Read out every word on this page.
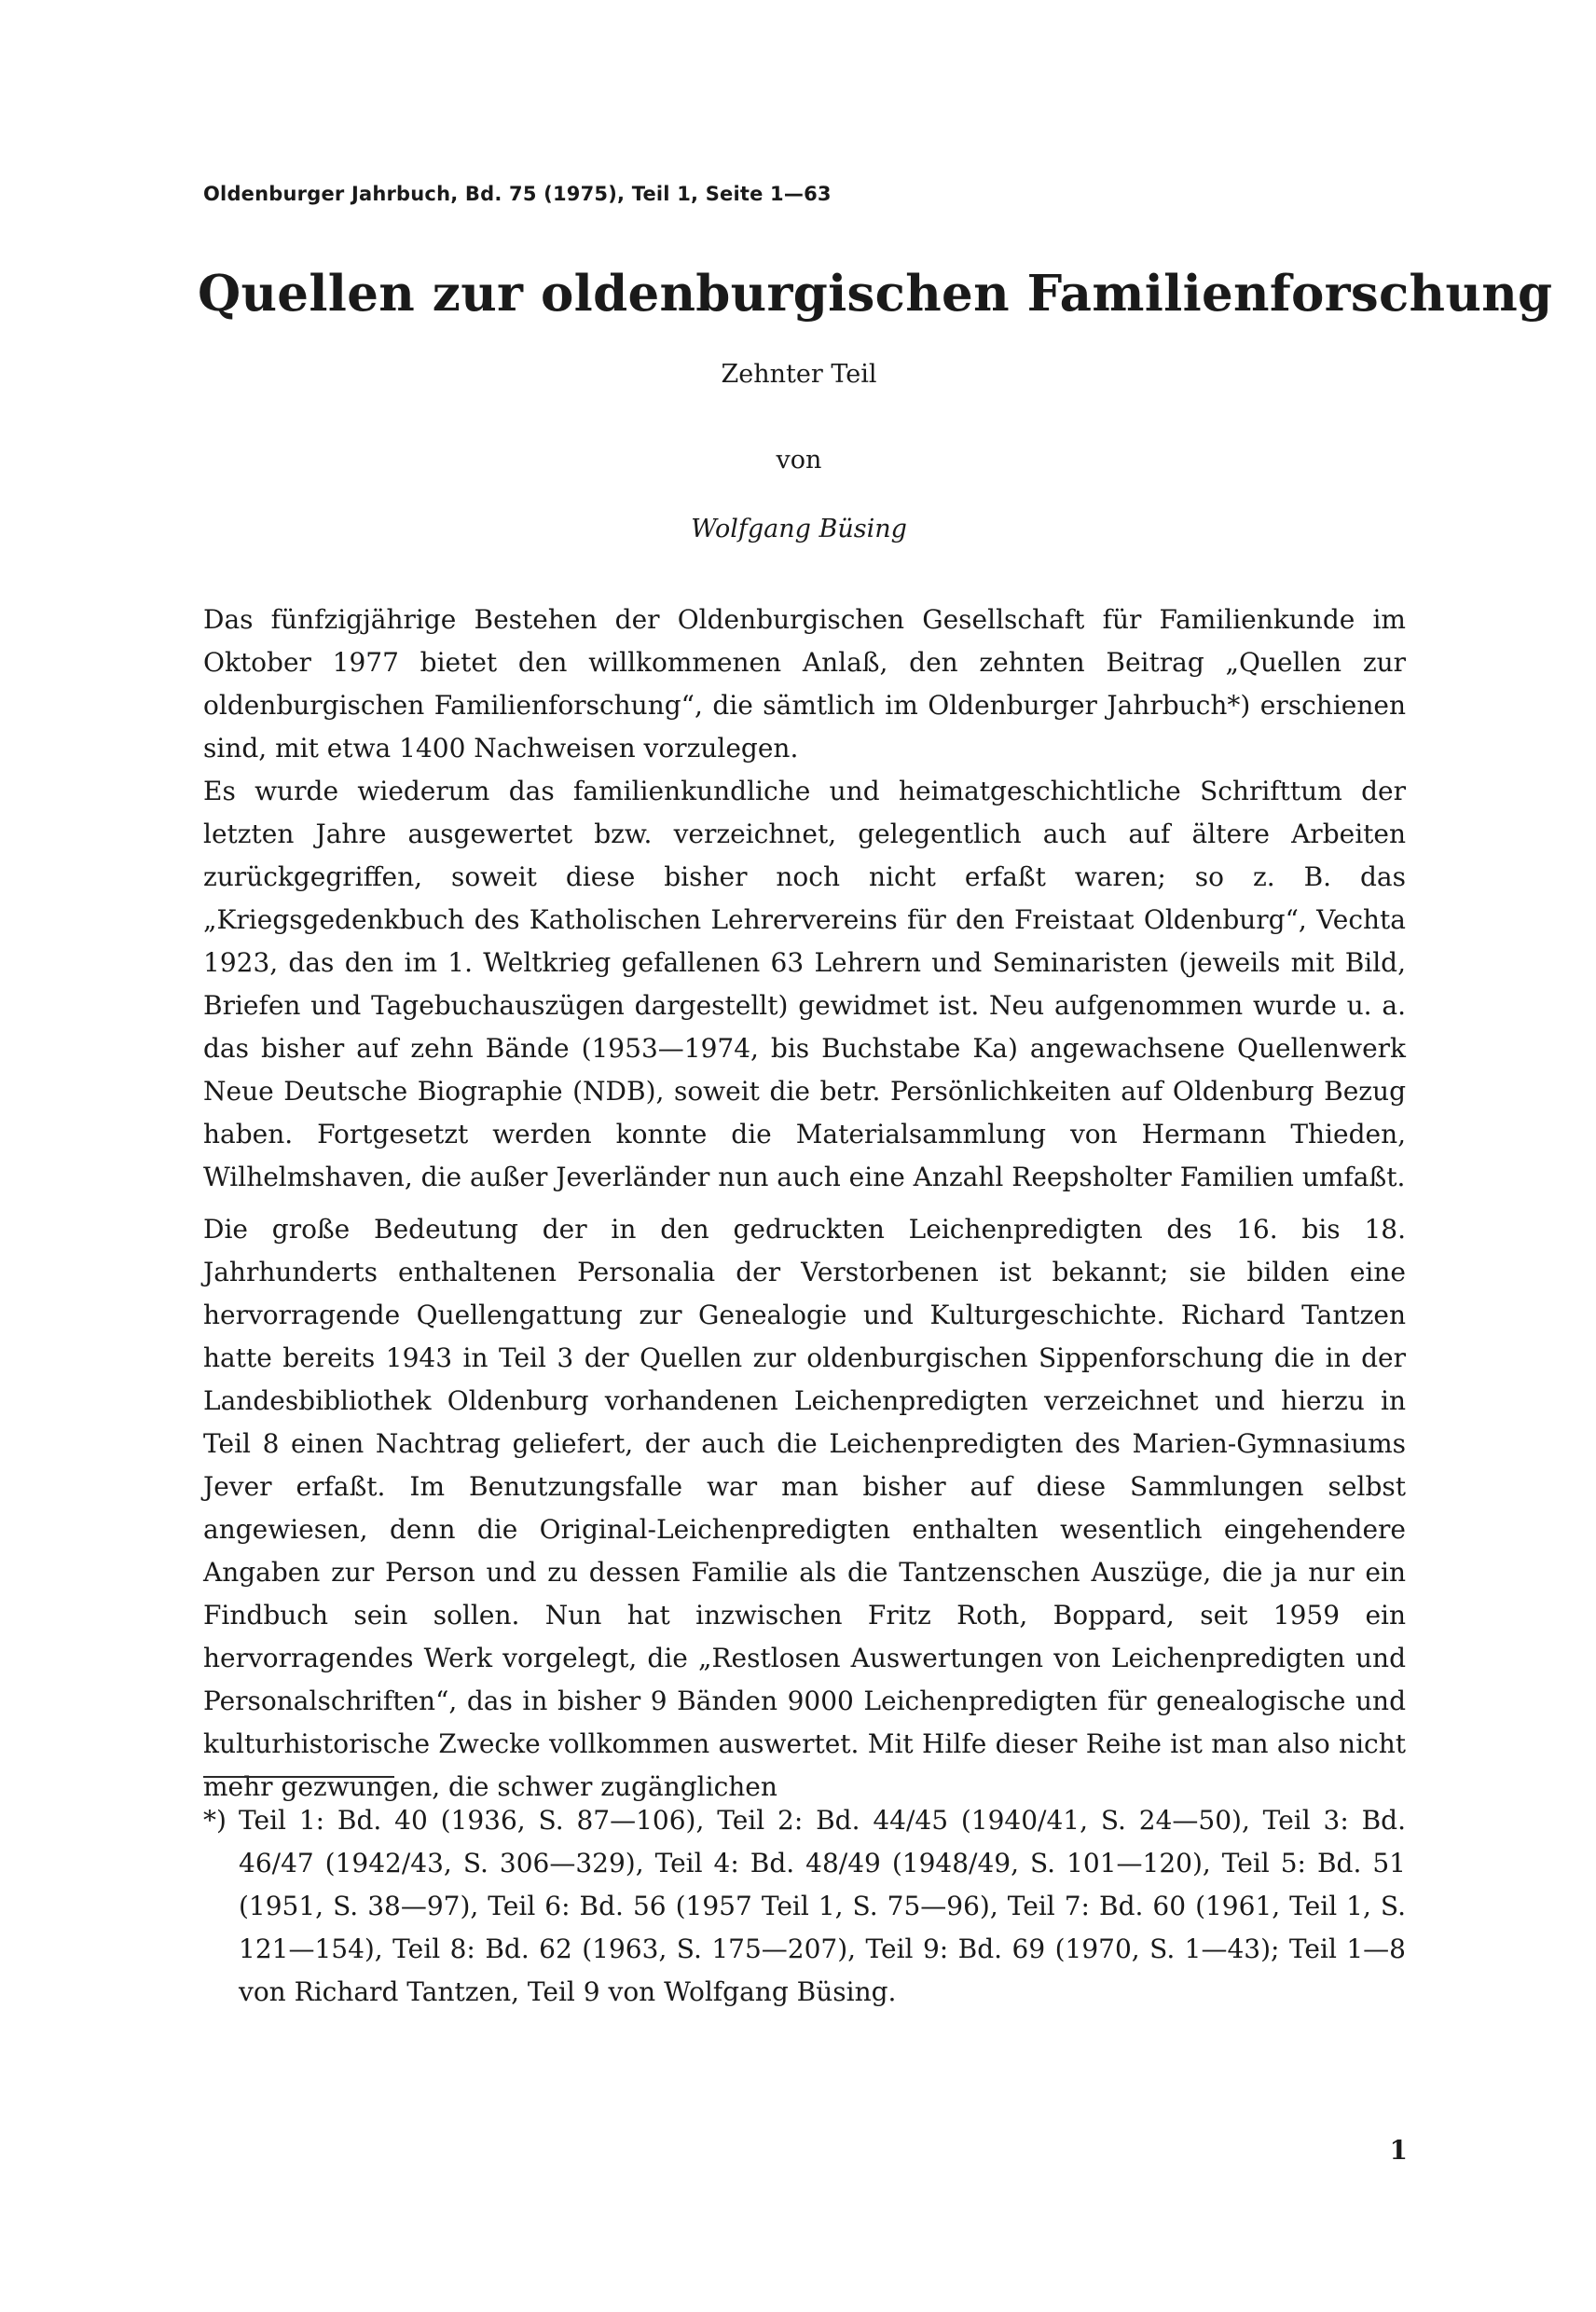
Oldenburger Jahrbuch, Bd. 75 (1975), Teil 1, Seite 1—63
Quellen zur oldenburgischen Familienforschung
Zehnter Teil
von
Wolfgang Büsing

Das fünfzigjährige Bestehen der Oldenburgischen Gesellschaft für Familienkunde im Oktober 1977 bietet den willkommenen Anlaß, den zehnten Beitrag „Quellen zur oldenburgischen Familienforschung“, die sämtlich im Oldenburger Jahrbuch*) erschienen sind, mit etwa 1400 Nachweisen vorzulegen.

Es wurde wiederum das familienkundliche und heimatgeschichtliche Schrifttum der letzten Jahre ausgewertet bzw. verzeichnet, gelegentlich auch auf ältere Arbeiten zurückgegriffen, soweit diese bisher noch nicht erfaßt waren; so z. B. das „Kriegsgedenkbuch des Katholischen Lehrervereins für den Freistaat Oldenburg“, Vechta 1923, das den im 1. Weltkrieg gefallenen 63 Lehrern und Seminaristen (jeweils mit Bild, Briefen und Tagebuchauszügen dargestellt) gewidmet ist. Neu aufgenommen wurde u. a. das bisher auf zehn Bände (1953—1974, bis Buchstabe Ka) angewachsene Quellenwerk Neue Deutsche Biographie (NDB), soweit die betr. Persönlichkeiten auf Oldenburg Bezug haben. Fortgesetzt werden konnte die Materialsammlung von Hermann Thieden, Wilhelmshaven, die außer Jeverländer nun auch eine Anzahl Reepsholter Familien umfaßt.

Die große Bedeutung der in den gedruckten Leichenpredigten des 16. bis 18. Jahrhunderts enthaltenen Personalia der Verstorbenen ist bekannt; sie bilden eine hervorragende Quellengattung zur Genealogie und Kulturgeschichte. Richard Tantzen hatte bereits 1943 in Teil 3 der Quellen zur oldenburgischen Sippenforschung die in der Landesbibliothek Oldenburg vorhandenen Leichenpredigten verzeichnet und hierzu in Teil 8 einen Nachtrag geliefert, der auch die Leichenpredigten des Marien-Gymnasiums Jever erfaßt. Im Benutzungsfalle war man bisher auf diese Sammlungen selbst angewiesen, denn die Original-Leichenpredigten enthalten wesentlich eingehendere Angaben zur Person und zu dessen Familie als die Tantzenschen Auszüge, die ja nur ein Findbuch sein sollen. Nun hat inzwischen Fritz Roth, Boppard, seit 1959 ein hervorragendes Werk vorgelegt, die „Restlosen Auswertungen von Leichenpredigten und Personalschriften“, das in bisher 9 Bänden 9000 Leichenpredigten für genealogische und kulturhistorische Zwecke vollkommen auswertet. Mit Hilfe dieser Reihe ist man also nicht mehr gezwungen, die schwer zugänglichen

*) Teil 1: Bd. 40 (1936, S. 87—106), Teil 2: Bd. 44/45 (1940/41, S. 24—50), Teil 3: Bd. 46/47 (1942/43, S. 306—329), Teil 4: Bd. 48/49 (1948/49, S. 101—120), Teil 5: Bd. 51 (1951, S. 38—97), Teil 6: Bd. 56 (1957 Teil 1, S. 75—96), Teil 7: Bd. 60 (1961, Teil 1, S. 121—154), Teil 8: Bd. 62 (1963, S. 175—207), Teil 9: Bd. 69 (1970, S. 1—43); Teil 1—8 von Richard Tantzen, Teil 9 von Wolfgang Büsing.
1
